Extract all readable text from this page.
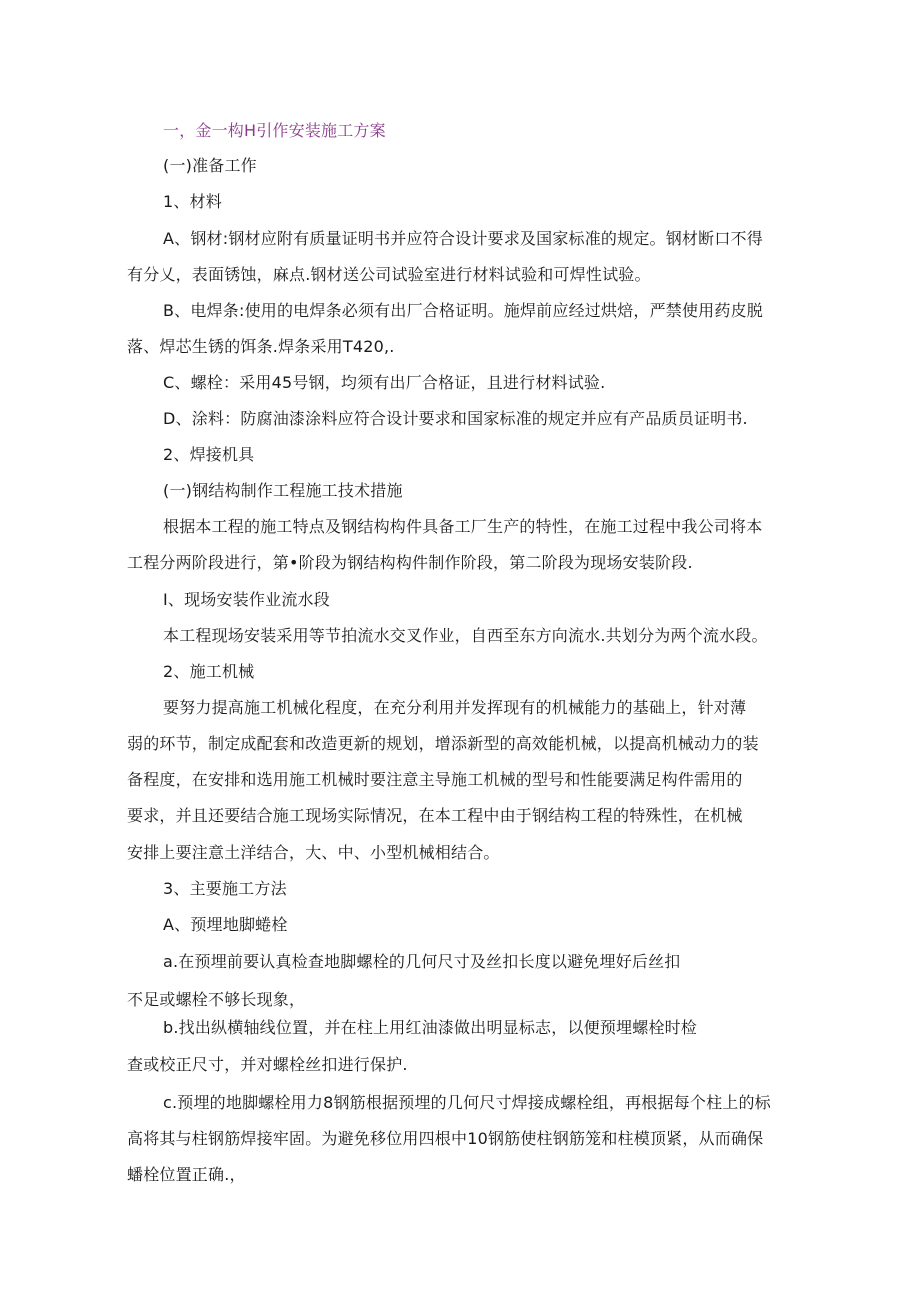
一，金一构H引作安装施工方案
(一)准备工作
1、材料
A、钢材:钢材应附有质量证明书并应符合设计要求及国家标准的规定。钢材断口不得
有分乂，表面锈蚀，麻点.钢材送公司试验室进行材料试验和可焊性试验。
B、电焊条:使用的电焊条必须有出厂合格证明。施焊前应经过烘焙，严禁使用药皮脱
落、焊芯生锈的饵条.焊条采用T420,.
C、螺栓：采用45号钢，均须有出厂合格证，且进行材料试验.
D、涂料：防腐油漆涂料应符合设计要求和国家标准的规定并应有产品质员证明书.
2、焊接机具
(一)钢结构制作工程施工技术措施
根据本工程的施工特点及钢结构构件具备工厂生产的特性，在施工过程中我公司将本
工程分两阶段进行，第•阶段为钢结构构件制作阶段，第二阶段为现场安装阶段.
I、现场安装作业流水段
本工程现场安装采用等节拍流水交叉作业，自西至东方向流水.共划分为两个流水段。
2、施工机械
要努力提高施工机械化程度，在充分利用并发挥现有的机械能力的基础上，针对薄
弱的环节，制定成配套和改造更新的规划，增添新型的高效能机械，以提高机械动力的装
备程度，在安排和选用施工机械时要注意主导施工机械的型号和性能要满足构件需用的
要求，并且还要结合施工现场实际情况，在本工程中由于钢结构工程的特殊性，在机械
安排上要注意土洋结合，大、中、小型机械相结合。
3、主要施工方法
A、预埋地脚蜷栓
a.在预埋前要认真检查地脚螺栓的几何尺寸及丝扣长度以避免埋好后丝扣
不足或螺栓不够长现象，
b.找出纵横轴线位置，并在柱上用红油漆做出明显标志，以便预埋螺栓时检
查或校正尺寸，并对螺栓丝扣进行保护.
c.预埋的地脚螺栓用力8钢筋根据预埋的几何尺寸焊接成螺栓组，再根据每个柱上的标
高将其与柱钢筋焊接牢固。为避免移位用四根中10钢筋使柱钢筋笼和柱模顶紧，从而确保
蟠栓位置正确.，
